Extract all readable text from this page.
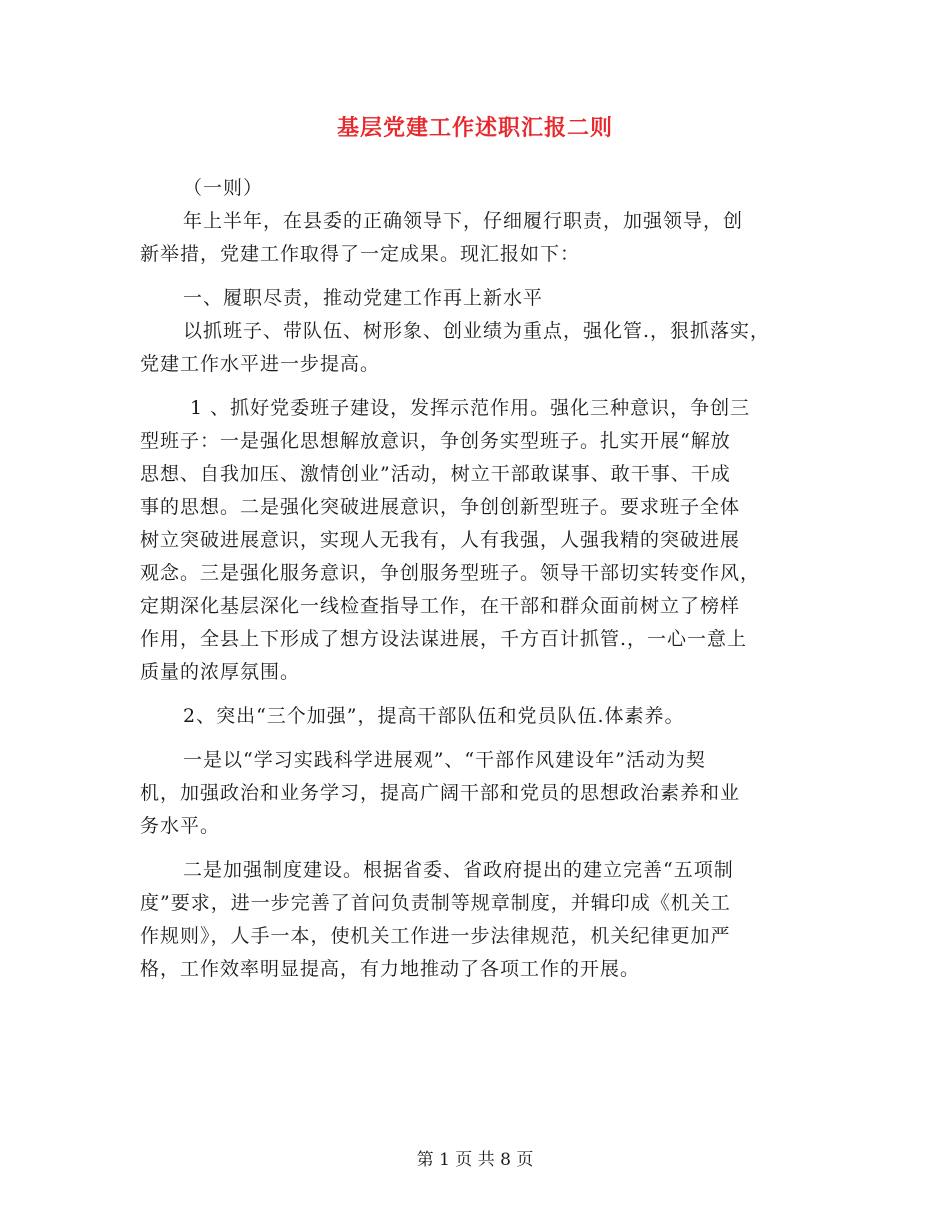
基层党建工作述职汇报二则
（一则）
年上半年，在县委的正确领导下，仔细履行职责，加强领导，创
新举措，党建工作取得了一定成果。现汇报如下：
一、履职尽责，推动党建工作再上新水平
以抓班子、带队伍、树形象、创业绩为重点，强化管.，狠抓落实，
党建工作水平进一步提高。
1 、抓好党委班子建设，发挥示范作用。强化三种意识，争创三
型班子：一是强化思想解放意识，争创务实型班子。扎实开展“解放
思想、自我加压、激情创业”活动，树立干部敢谋事、敢干事、干成
事的思想。二是强化突破进展意识，争创创新型班子。要求班子全体
树立突破进展意识，实现人无我有，人有我强，人强我精的突破进展
观念。三是强化服务意识，争创服务型班子。领导干部切实转变作风，
定期深化基层深化一线检查指导工作，在干部和群众面前树立了榜样
作用，全县上下形成了想方设法谋进展，千方百计抓管.，一心一意上
质量的浓厚氛围。
2、突出“三个加强”，提高干部队伍和党员队伍.体素养。
一是以“学习实践科学进展观”、“干部作风建设年”活动为契
机，加强政治和业务学习，提高广阔干部和党员的思想政治素养和业
务水平。
二是加强制度建设。根据省委、省政府提出的建立完善“五项制
度”要求，进一步完善了首问负责制等规章制度，并辑印成《机关工
作规则》，人手一本，使机关工作进一步法律规范，机关纪律更加严
格，工作效率明显提高，有力地推动了各项工作的开展。
第 1 页 共 8 页
